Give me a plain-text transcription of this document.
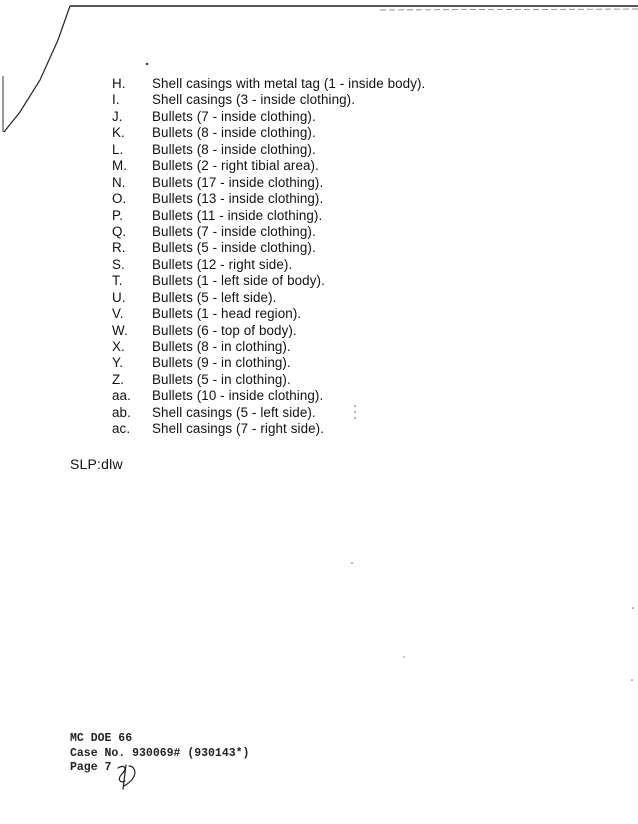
H.	Shell casings with metal tag (1 - inside body).
I.	Shell casings (3 - inside clothing).
J.	Bullets (7 - inside clothing).
K.	Bullets (8 - inside clothing).
L.	Bullets (8 - inside clothing).
M.	Bullets (2 - right tibial area).
N.	Bullets (17 - inside clothing).
O.	Bullets (13 - inside clothing).
P.	Bullets (11 - inside clothing).
Q.	Bullets (7 - inside clothing).
R.	Bullets (5 - inside clothing).
S.	Bullets (12 - right side).
T.	Bullets (1 - left side of body).
U.	Bullets (5 - left side).
V.	Bullets (1 - head region).
W.	Bullets (6 - top of body).
X.	Bullets (8 - in clothing).
Y.	Bullets (9 - in clothing).
Z.	Bullets (5 - in clothing).
aa.	Bullets (10 - inside clothing).
ab.	Shell casings (5 - left side).
ac.	Shell casings (7 - right side).
SLP:dlw
MC DOE 66
Case No. 930069# (930143*)
Page 7
